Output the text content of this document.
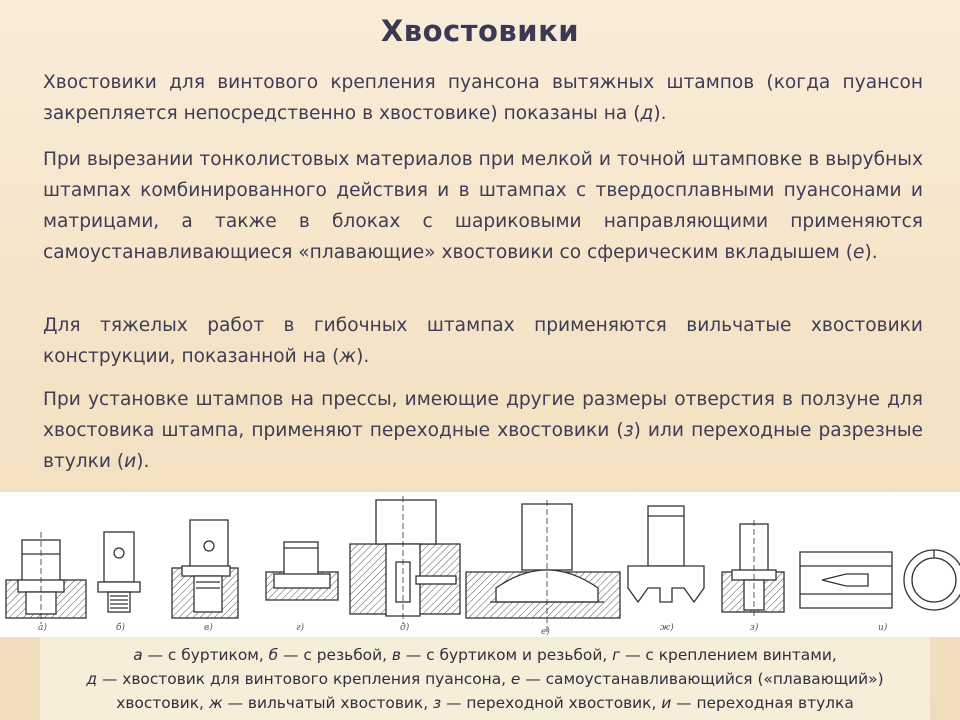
Хвостовики
Хвостовики для винтового крепления пуансона вытяжных штампов (когда пуансон закрепляется непосредственно в хвостовике) показаны на (д).
При вырезании тонколистовых материалов при мелкой и точной штамповке в вырубных штампах комбинированного действия и в штампах с твердосплавными пуансонами и матрицами, а также в блоках с шариковыми направляющими применяются самоустанавливающиеся «плавающие» хвостовики со сферическим вкладышем (е).
Для тяжелых работ в гибочных штампах применяются вильчатые хвостовики конструкции, показанной на (ж).
При установке штампов на прессы, имеющие другие размеры отверстия в ползуне для хвостовика штампа, применяют переходные хвостовики (з) или переходные разрезные втулки (и).
а)	б)	в)	г)	д)	е)	ж)	з)	и)
а — с буртиком, б — с резьбой, в — с буртиком и резьбой, г — с креплением винтами,
д — хвостовик для винтового крепления пуансона, е — самоустанавливающийся («плавающий»)
хвостовик, ж — вильчатый хвостовик, з — переходной хвостовик, и — переходная втулка
